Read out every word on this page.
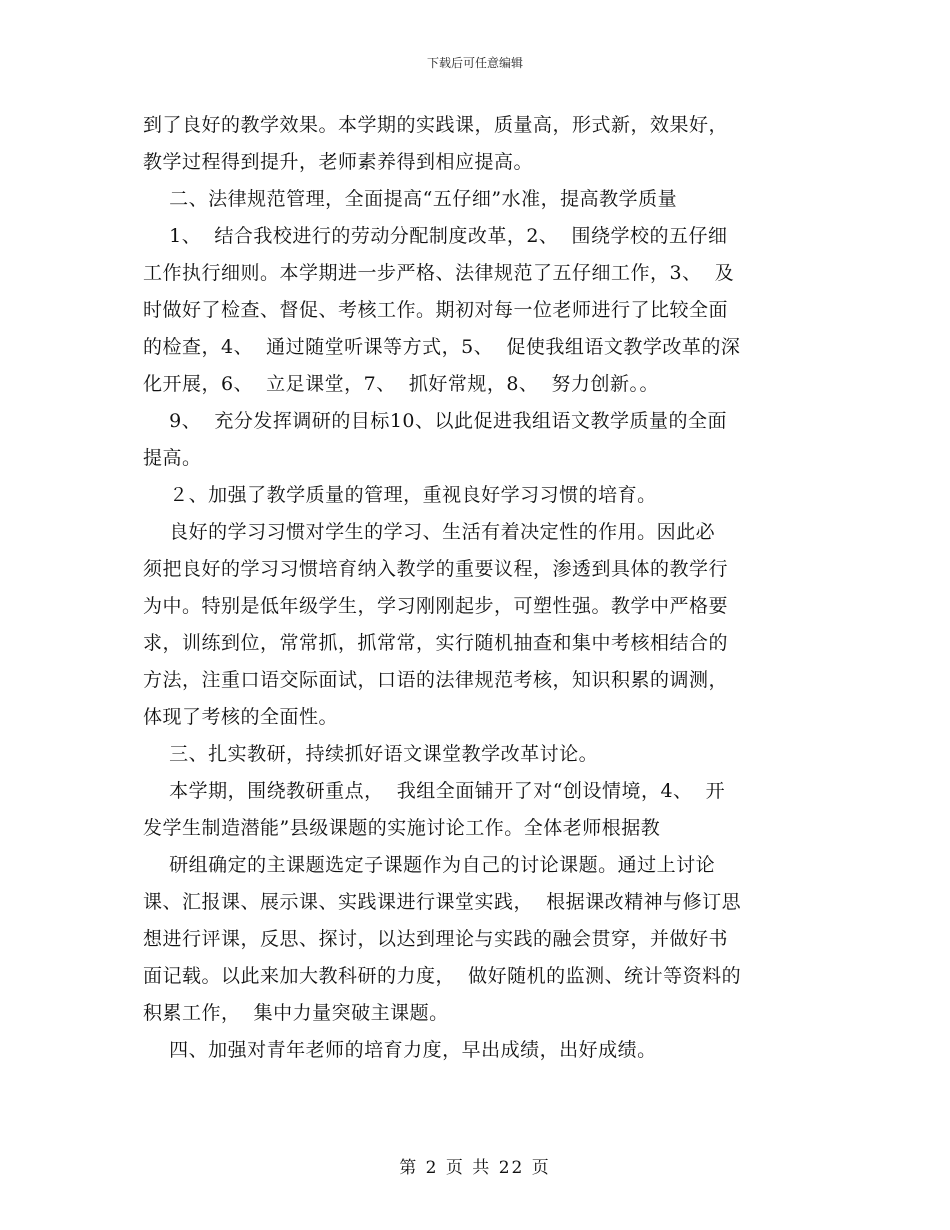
下载后可任意编辑
到了良好的教学效果。本学期的实践课，质量高，形式新，效果好，
教学过程得到提升，老师素养得到相应提高。
二、法律规范管理，全面提高“五仔细”水准，提高教学质量
1、  结合我校进行的劳动分配制度改革，2、  围绕学校的五仔细
工作执行细则。本学期进一步严格、法律规范了五仔细工作，3、  及
时做好了检查、督促、考核工作。期初对每一位老师进行了比较全面
的检查，4、  通过随堂听课等方式，5、  促使我组语文教学改革的深
化开展，6、  立足课堂，7、  抓好常规，8、  努力创新。。
9、  充分发挥调研的目标10、以此促进我组语文教学质量的全面
提高。
２、加强了教学质量的管理，重视良好学习习惯的培育。
良好的学习习惯对学生的学习、生活有着决定性的作用。因此必
须把良好的学习习惯培育纳入教学的重要议程，渗透到具体的教学行
为中。特别是低年级学生，学习刚刚起步，可塑性强。教学中严格要
求，训练到位，常常抓，抓常常，实行随机抽查和集中考核相结合的
方法，注重口语交际面试，口语的法律规范考核，知识积累的调测，
体现了考核的全面性。
三、扎实教研，持续抓好语文课堂教学改革讨论。
本学期，围绕教研重点，  我组全面铺开了对“创设情境，4、  开
发学生制造潜能”县级课题的实施讨论工作。全体老师根据教
研组确定的主课题选定子课题作为自己的讨论课题。通过上讨论
课、汇报课、展示课、实践课进行课堂实践，  根据课改精神与修订思
想进行评课，反思、探讨，以达到理论与实践的融会贯穿，并做好书
面记载。以此来加大教科研的力度，  做好随机的监测、统计等资料的
积累工作，  集中力量突破主课题。
四、加强对青年老师的培育力度，早出成绩，出好成绩。
第 2 页 共 22 页
